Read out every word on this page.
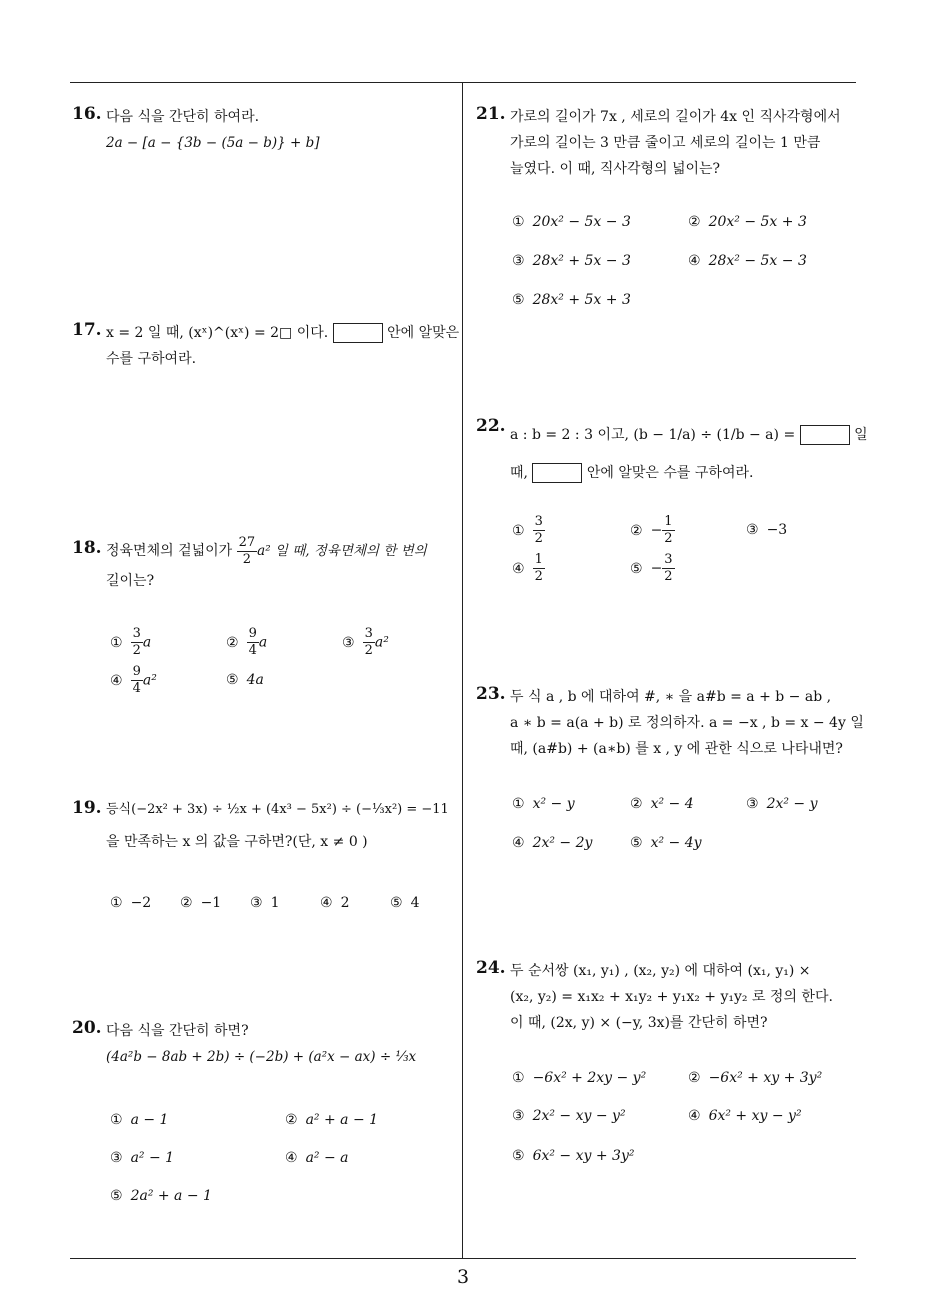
16. 다음 식을 간단히 하여라.
2a − [a − {3b − (5a − b)} + b]
17. x = 2 일 때, (xˣ)^(xˣ) = 2□ 이다.	안에 알맞은
수를 구하여라.
18. 정육면체의 겉넓이가 $\frac{27}{2} a^2$ 일 때, 정육면체의 한 변의
길이는?
① $\frac{3}{2}$ a	② $\frac{9}{4}$ a	③ $\frac{3}{2} a^2$
④ $\frac{9}{4} a^2$	⑤ 4a
19. 등식(−2x² + 3x) ÷ ½x + (4x³ − 5x²) ÷ (−⅓x²) = −11
을 만족하는 x 의 값을 구하면?(단, x ≠ 0 )
① −2 ② −1 ③ 1	④ 2	⑤ 4
20. 다음 식을 간단히 하면?
(4a²b − 8ab + 2b) ÷ (−2b) + (a²x − ax) ÷ ⅓x
① a − 1	② a² + a − 1
③ a² − 1	④ a² − a
⑤ 2a² + a − 1
21. 가로의 길이가 7x , 세로의 길이가 4x 인 직사각형에서
가로의 길이는 3 만큼 줄이고 세로의 길이는 1 만큼
늘였다. 이 때, 직사각형의 넓이는?
① 20x² − 5x − 3	② 20x² − 5x + 3
③ 28x² + 5x − 3	④ 28x² − 5x − 3
⑤ 28x² + 5x + 3
22. a : b = 2 : 3 이고, (b − 1/a) ÷ (1/b − a) =	일
때,	안에 알맞은 수를 구하여라.
① $\frac{3}{2}$	② − $\frac{1}{2}$	③ −3
④ $\frac{1}{2}$	⑤ − $\frac{3}{2}$
23. 두 식 a , b 에 대하여 #, ∗ 을 a#b = a + b − ab ,
a ∗ b = a(a + b) 로 정의하자. a = −x , b = x − 4y 일
때, (a#b) + (a∗b) 를 x , y 에 관한 식으로 나타내면?
① x² − y	② x² − 4	③ 2x² − y
④ 2x² − 2y	⑤ x² − 4y
24. 두 순서쌍 (x₁, y₁) , (x₂, y₂) 에 대하여 (x₁, y₁) ×
(x₂, y₂) = x₁x₂ + x₁y₂ + y₁x₂ + y₁y₂ 로 정의 한다.
이 때, (2x, y) × (−y, 3x)를 간단히 하면?
① −6x² + 2xy − y²	② −6x² + xy + 3y²
③ 2x² − xy − y²	④ 6x² + xy − y²
⑤ 6x² − xy + 3y²
3
